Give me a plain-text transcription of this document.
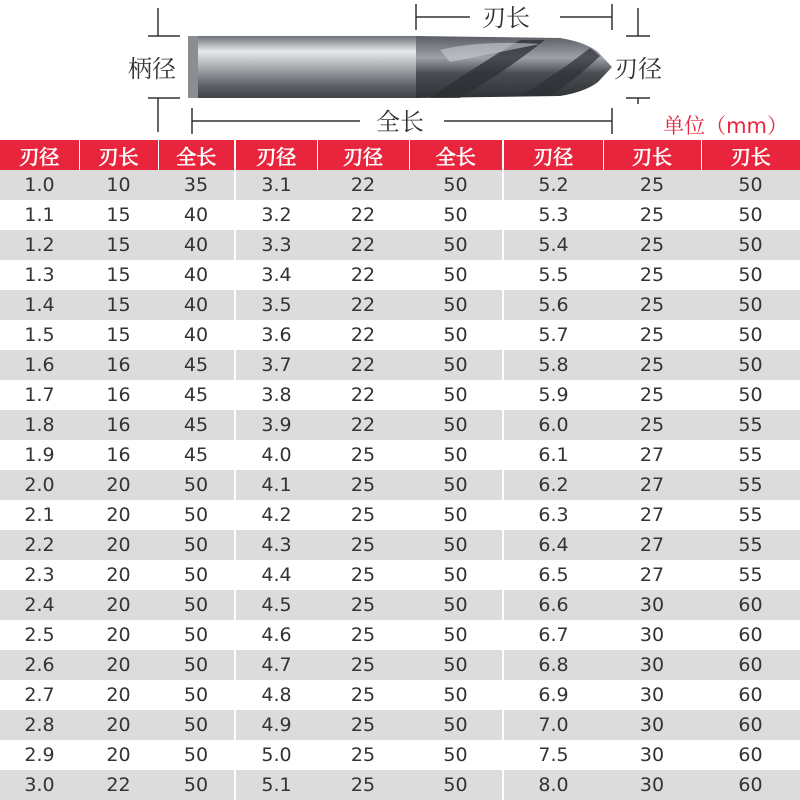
柄径
刃长
刃径
全长	单位（mm）
刃径	刃长	全长	刃径	刃径	全长	刃径	刃长	刃长
1.0	10	35	3.1	22	50	5.2	25	50
1.1	15	40	3.2	22	50	5.3	25	50
1.2	15	40	3.3	22	50	5.4	25	50
1.3	15	40	3.4	22	50	5.5	25	50
1.4	15	40	3.5	22	50	5.6	25	50
1.5	15	40	3.6	22	50	5.7	25	50
1.6	16	45	3.7	22	50	5.8	25	50
1.7	16	45	3.8	22	50	5.9	25	50
1.8	16	45	3.9	22	50	6.0	25	55
1.9	16	45	4.0	25	50	6.1	27	55
2.0	20	50	4.1	25	50	6.2	27	55
2.1	20	50	4.2	25	50	6.3	27	55
2.2	20	50	4.3	25	50	6.4	27	55
2.3	20	50	4.4	25	50	6.5	27	55
2.4	20	50	4.5	25	50	6.6	30	60
2.5	20	50	4.6	25	50	6.7	30	60
2.6	20	50	4.7	25	50	6.8	30	60
2.7	20	50	4.8	25	50	6.9	30	60
2.8	20	50	4.9	25	50	7.0	30	60
2.9	20	50	5.0	25	50	7.5	30	60
3.0	22	50	5.1	25	50	8.0	30	60
